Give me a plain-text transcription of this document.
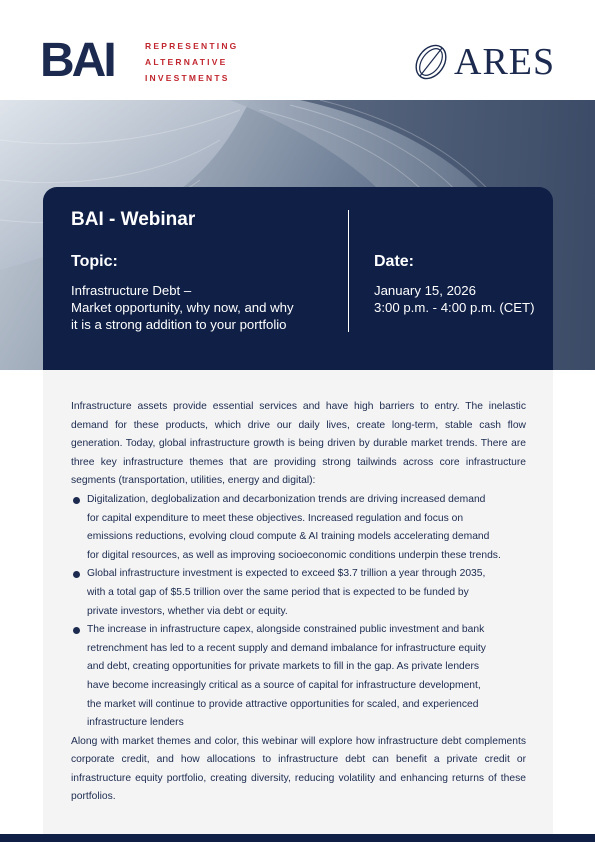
BAI	REPRESENTING
ALTERNATIVE
INVESTMENTS	ARES
BAI - Webinar
Topic:
Infrastructure Debt –
Market opportunity, why now, and why
it is a strong addition to your portfolio
Date:
January 15, 2026
3:00 p.m. - 4:00 p.m. (CET)

Infrastructure assets provide essential services and have high barriers to entry. The inelastic demand for these products, which drive our daily lives, create long-term, stable cash flow generation. Today, global infrastructure growth is being driven by durable market trends. There are three key infrastructure themes that are providing strong tailwinds across core infrastructure segments (transportation, utilities, energy and digital):

Digitalization, deglobalization and decarbonization trends are driving increased demand
for capital expenditure to meet these objectives. Increased regulation and focus on
emissions reductions, evolving cloud compute & AI training models accelerating demand
for digital resources, as well as improving socioeconomic conditions underpin these trends.
Global infrastructure investment is expected to exceed $3.7 trillion a year through 2035,
with a total gap of $5.5 trillion over the same period that is expected to be funded by
private investors, whether via debt or equity.
The increase in infrastructure capex, alongside constrained public investment and bank
retrenchment has led to a recent supply and demand imbalance for infrastructure equity
and debt, creating opportunities for private markets to fill in the gap. As private lenders
have become increasingly critical as a source of capital for infrastructure development,
the market will continue to provide attractive opportunities for scaled, and experienced
infrastructure lenders

Along with market themes and color, this webinar will explore how infrastructure debt complements corporate credit, and how allocations to infrastructure debt can benefit a private credit or infrastructure equity portfolio, creating diversity, reducing volatility and enhancing returns of these portfolios.
